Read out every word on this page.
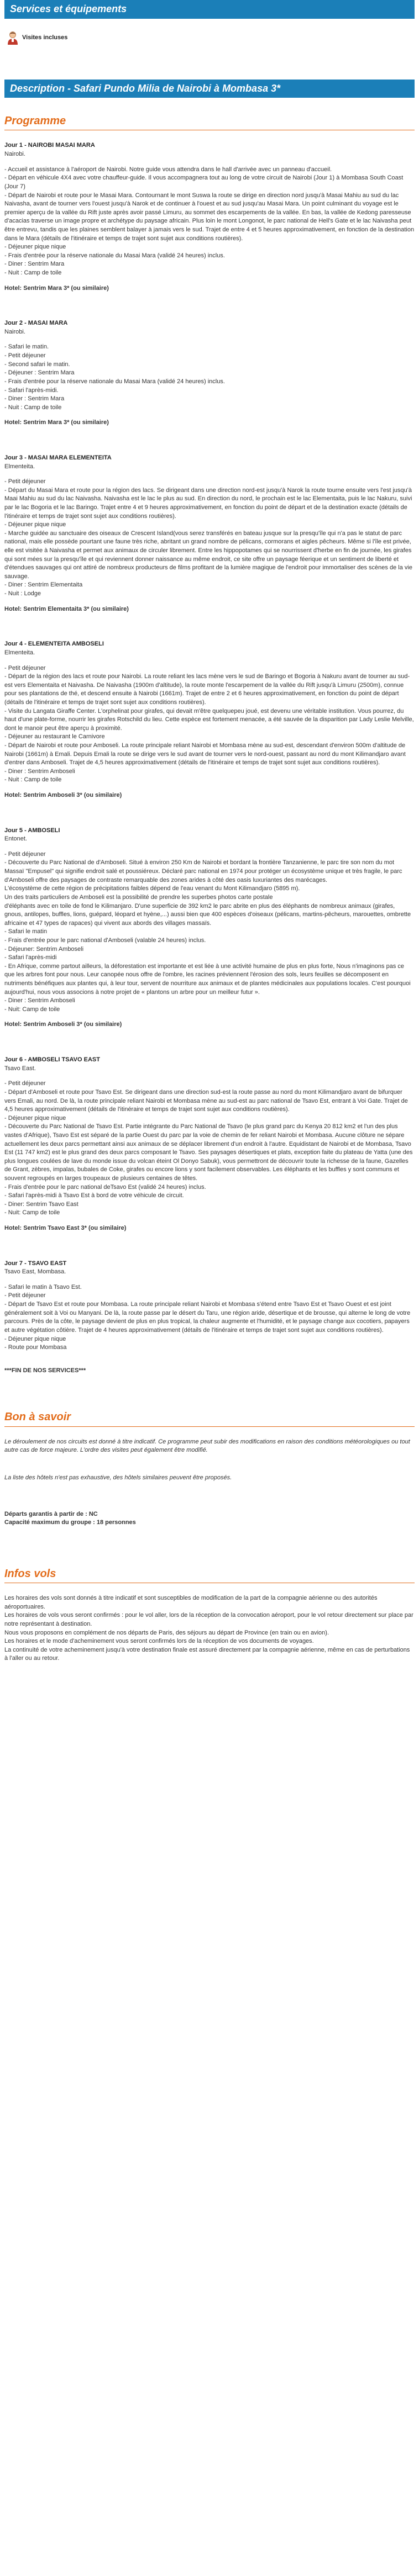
Services et équipements
Visites incluses
Description - Safari Pundo Milia de Nairobi à Mombasa 3*
Programme
Jour 1 - NAIROBI MASAI MARA
Nairobi.

- Accueil et assistance à l'aéroport de Nairobi. Notre guide vous attendra dans le hall d'arrivée avec un panneau d'accueil.

- Départ en véhicule 4X4 avec votre chauffeur-guide. Il vous accompagnera tout au long de votre circuit de Nairobi (Jour 1) à Mombasa South Coast (Jour 7)

- Départ de Nairobi et route pour le Masai Mara. Contournant le mont Suswa la route se dirige en direction nord jusqu'à Masai Mahiu au sud du lac Naivasha, avant de tourner vers l'ouest jusqu'à Narok et de continuer à l'ouest et au sud jusqu'au Masai Mara. Un point culminant du voyage est le premier aperçu de la vallée du Rift juste après avoir passé Limuru, au sommet des escarpements de la vallée. En bas, la vallée de Kedong paresseuse d'acacias traverse un image propre et archétype du paysage africain. Plus loin le mont Longonot, le parc national de Hell's Gate et le lac Naivasha peut être entrevu, tandis que les plaines semblent balayer à jamais vers le sud. Trajet de entre 4 et 5 heures approximativement, en fonction de la destination dans le Mara (détails de l'itinéraire et temps de trajet sont sujet aux conditions routières).

- Déjeuner pique nique

- Frais d'entrée pour la réserve nationale du Masai Mara (validé 24 heures) inclus.

- Diner : Sentrim Mara

- Nuit : Camp de toile

Hotel: Sentrim Mara 3* (ou similaire)
Jour 2 - MASAI MARA
Nairobi.

- Safari le matin.

- Petit déjeuner

- Second safari le matin.

- Déjeuner : Sentrim Mara

- Frais d'entrée pour la réserve nationale du Masai Mara (validé 24 heures) inclus.

- Safari l'après-midi.

- Diner : Sentrim Mara

- Nuit : Camp de toile

Hotel: Sentrim Mara 3* (ou similaire)
Jour 3 - MASAI MARA ELEMENTEITA
Elmenteita.

- Petit déjeuner

- Départ du Masai Mara et route pour la région des lacs. Se dirigeant dans une direction nord-est jusqu'à Narok la route tourne ensuite vers l'est jusqu'à Maai Mahiu au sud du lac Naivasha. Naivasha est le lac le plus au sud. En direction du nord, le prochain est le lac Elementaita, puis le lac Nakuru, suivi par le lac Bogoria et le lac Baringo. Trajet entre 4 et 9 heures approximativement, en fonction du point de départ et de la destination exacte (détails de l'itinéraire et temps de trajet sont sujet aux conditions routières).

- Déjeuner pique nique

- Marche guidée au sanctuaire des oiseaux de Crescent Island(vous serez transférés en bateau jusque sur la presqu'île qui n'a pas le statut de parc national, mais elle possède pourtant une faune très riche, abritant un grand nombre de pélicans, cormorans et aigles pêcheurs. Même si l'île est privée, elle est visitée à Naivasha et permet aux animaux de circuler librement. Entre les hippopotames qui se nourrissent d'herbe en fin de journée, les girafes qui sont mées sur la presqu'île et qui reviennent donner naissance au même endroit, ce site offre un paysage féerique et un sentiment de liberté et d'étendues sauvages qui ont attiré de nombreux producteurs de films profitant de la lumière magique de l'endroit pour immortaliser des scènes de la vie sauvage.

- Diner : Sentrim Elementaita

- Nuit : Lodge

Hotel: Sentrim Elementaita 3* (ou similaire)
Jour 4 - ELEMENTEITA AMBOSELI
Elmenteita.

- Petit déjeuner

- Départ de la région des lacs et route pour Nairobi. La route reliant les lacs mène vers le sud de Baringo et Bogoria à Nakuru avant de tourner au sud-est vers Elementaita et Naivasha. De Naivasha (1900m d'altitude), la route monte l'escarpement de la vallée du Rift jusqu'à Limuru (2500m), connue pour ses plantations de thé, et descend ensuite à Nairobi (1661m). Trajet de entre 2 et 6 heures approximativement, en fonction du point de départ (détails de l'itinéraire et temps de trajet sont sujet aux conditions routières).

- Visite du Langata Giraffe Center. L'orphelinat pour girafes, qui devait m'être quelquepeu joué, est devenu une véritable institution. Vous pourrez, du haut d'une plate-forme, nourrir les girafes Rotschild du lieu. Cette espèce est fortement menacée, a été sauvée de la disparition par Lady Leslie Melville, dont le manoir peut être aperçu à proximité.

- Déjeuner au restaurant le Carnivore

- Départ de Nairobi et route pour Amboseli. La route principale reliant Nairobi et Mombasa mène au sud-est, descendant d'environ 500m d'altitude de Nairobi (1661m) à Emali. Depuis Emali la route se dirige vers le sud avant de tourner vers le nord-ouest, passant au nord du mont Kilimandjaro avant d'entrer dans Amboseli. Trajet de 4,5 heures approximativement (détails de l'itinéraire et temps de trajet sont sujet aux conditions routières).

- Diner : Sentrim Amboseli

- Nuit : Camp de toile

Hotel: Sentrim Amboseli 3* (ou similaire)
Jour 5 - AMBOSELI
Entonet.

- Petit déjeuner

- Découverte du Parc National de d'Amboseli. Situé à environ 250 Km de Nairobi et bordant la frontière Tanzanienne, le parc tire son nom du mot Massaï "Empusel" qui signifie endroit salé et poussiéreux. Déclaré parc national en 1974 pour protéger un écosystème unique et très fragile, le parc d'Amboseli offre des paysages de contraste remarquable des zones arides à côté des oasis luxuriantes des marécages.

L'écosystème de cette région de précipitations faibles dépend de l'eau venant du Mont Kilimandjaro (5895 m).

Un des traits particuliers de Amboseli est la possibilité de prendre les superbes photos carte postale

d'éléphants avec en toile de fond le Kilimanjaro. D'une superficie de 392 km2 le parc abrite en plus des éléphants de nombreux animaux (girafes, gnous, antilopes, buffles, lions, guépard, léopard et hyène,...) aussi bien que 400 espèces d'oiseaux (pélicans, martins-pêcheurs, marouettes, ombrette africaine et 47 types de rapaces) qui vivent aux abords des villages massaïs.

- Safari le matin

- Frais d'entrée pour le parc national d'Amboseli (valable 24 heures) inclus.

- Déjeuner: Sentrim Amboseli

- Safari l'après-midi

- En Afrique, comme partout ailleurs, la déforestation est importante et est liée à une activité humaine de plus en plus forte, Nous n'imaginons pas ce que les arbres font pour nous. Leur canopée nous offre de l'ombre, les racines préviennent l'érosion des sols, leurs feuilles se décomposent en nutriments bénéfiques aux plantes qui, à leur tour, servent de nourriture aux animaux et de plantes médicinales aux populations locales. C'est pourquoi aujourd'hui, nous vous associons à notre projet de « plantons un arbre pour un meilleur futur ».

- Diner : Sentrim Amboseli

- Nuit: Camp de toile

Hotel: Sentrim Amboseli 3* (ou similaire)
Jour 6 - AMBOSELI TSAVO EAST
Tsavo East.

- Petit déjeuner

- Départ d'Amboseli et route pour Tsavo Est. Se dirigeant dans une direction sud-est la route passe au nord du mont Kilimandjaro avant de bifurquer vers Emali, au nord. De là, la route principale reliant Nairobi et Mombasa mène au sud-est au parc national de Tsavo Est, entrant à Voi Gate. Trajet de 4,5 heures approximativement (détails de l'itinéraire et temps de trajet sont sujet aux conditions routières).

- Déjeuner pique nique

- Découverte du Parc National de Tsavo Est. Partie intégrante du Parc National de Tsavo (le plus grand parc du Kenya 20 812 km2 et l'un des plus vastes d'Afrique), Tsavo Est est séparé de la partie Ouest du parc par la voie de chemin de fer reliant Nairobi et Mombasa. Aucune clôture ne sépare actuellement les deux parcs permettant ainsi aux animaux de se déplacer librement d'un endroit à l'autre. Equidistant de Nairobi et de Mombasa, Tsavo Est (11 747 km2) est le plus grand des deux parcs composant le Tsavo. Ses paysages désertiques et plats, exception faite du plateau de Yatta (une des plus longues coulées de lave du monde issue du volcan éteint Ol Donyo Sabuk), vous permettront de découvrir toute la richesse de la faune, Gazelles de Grant, zèbres, impalas, bubales de Coke, girafes ou encore lions y sont facilement observables. Les éléphants et les buffles y sont communs et souvent regroupés en larges troupeaux de plusieurs centaines de têtes.

- Frais d'entrée pour le parc national deTsavo Est (validé 24 heures) inclus.

- Safari l'après-midi à Tsavo Est à bord de votre véhicule de circuit.

- Diner: Sentrim Tsavo East

- Nuit: Camp de toile

Hotel: Sentrim Tsavo East 3* (ou similaire)
Jour 7 - TSAVO EAST
Tsavo East, Mombasa.

- Safari le matin à Tsavo Est.

- Petit déjeuner

- Départ de Tsavo Est et route pour Mombasa. La route principale reliant Nairobi et Mombasa s'étend entre Tsavo Est et Tsavo Ouest et est joint généralement soit à Voi ou Manyani. De là, la route passe par le désert du Taru, une région aride, désertique et de brousse, qui alterne le long de votre parcours. Près de la côte, le paysage devient de plus en plus tropical, la chaleur augmente et l'humidité, et le paysage change aux cocotiers, papayers et autre végétation côtière. Trajet de 4 heures approximativement (détails de l'itinéraire et temps de trajet sont sujet aux conditions routières).

- Déjeuner pique nique

- Route pour Mombasa

***FIN DE NOS SERVICES***
Bon à savoir

Le déroulement de nos circuits est donné à titre indicatif. Ce programme peut subir des modifications en raison des conditions météorologiques ou tout autre cas de force majeure. L'ordre des visites peut également être modifié.

La liste des hôtels n'est pas exhaustive, des hôtels similaires peuvent être proposés.

Départs garantis à partir de : NC

Capacité maximum du groupe : 18 personnes

Infos vols

Les horaires des vols sont donnés à titre indicatif et sont susceptibles de modification de la part de la compagnie aérienne ou des autorités aéroportuaires.

Les horaires de vols vous seront confirmés : pour le vol aller, lors de la réception de la convocation aéroport, pour le vol retour directement sur place par notre représentant à destination.

Nous vous proposons en complément de nos départs de Paris, des séjours au départ de Province (en train ou en avion).

Les horaires et le mode d'acheminement vous seront confirmés lors de la réception de vos documents de voyages.

La continuité de votre acheminement jusqu'à votre destination finale est assuré directement par la compagnie aérienne, même en cas de perturbations à l'aller ou au retour.
